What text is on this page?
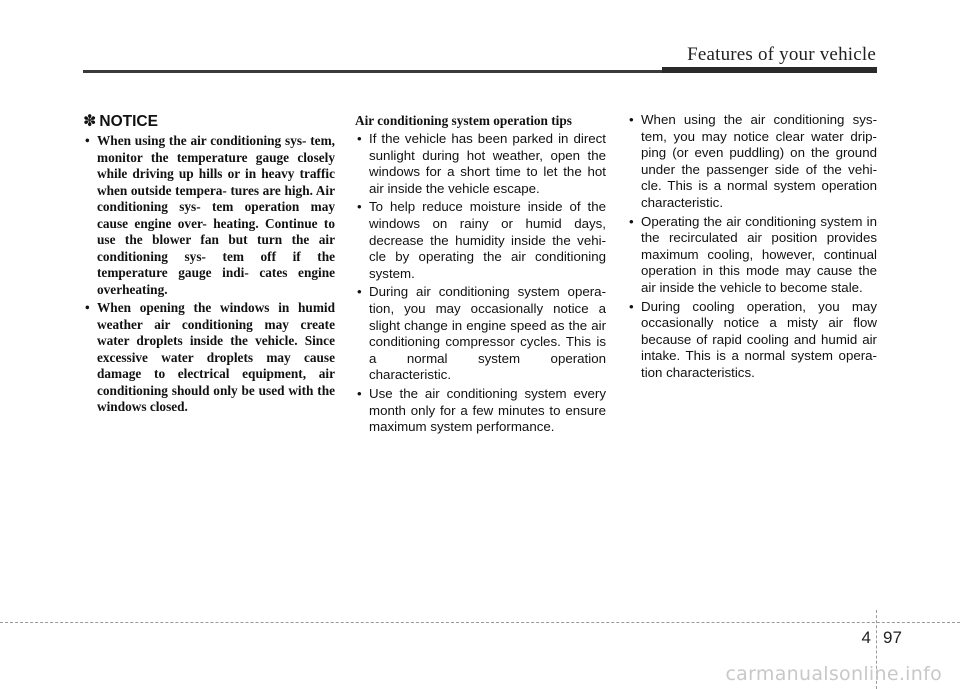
Features of your vehicle
✽ NOTICE
• When using the air conditioning sys- tem, monitor the temperature gauge closely while driving up hills or in heavy traffic when outside tempera- tures are high. Air conditioning sys- tem operation may cause engine over- heating. Continue to use the blower fan but turn the air conditioning sys- tem off if the temperature gauge indi- cates engine overheating.
• When opening the windows in humid weather air conditioning may create water droplets inside the vehicle. Since excessive water droplets may cause damage to electrical equipment, air conditioning should only be used with the windows closed.
Air conditioning system operation tips
• If the vehicle has been parked in direct sunlight during hot weather, open the windows for a short time to let the hot air inside the vehicle escape.
• To help reduce moisture inside of the windows on rainy or humid days, decrease the humidity inside the vehi- cle by operating the air conditioning system.
• During air conditioning system opera- tion, you may occasionally notice a slight change in engine speed as the air conditioning compressor cycles. This is a normal system operation characteristic.
• Use the air conditioning system every month only for a few minutes to ensure maximum system performance.
• When using the air conditioning sys- tem, you may notice clear water drip- ping (or even puddling) on the ground under the passenger side of the vehi- cle. This is a normal system operation characteristic.
• Operating the air conditioning system in the recirculated air position provides maximum cooling, however, continual operation in this mode may cause the air inside the vehicle to become stale.
• During cooling operation, you may occasionally notice a misty air flow because of rapid cooling and humid air intake. This is a normal system opera- tion characteristics.
4 97
carmanualsonline.info
